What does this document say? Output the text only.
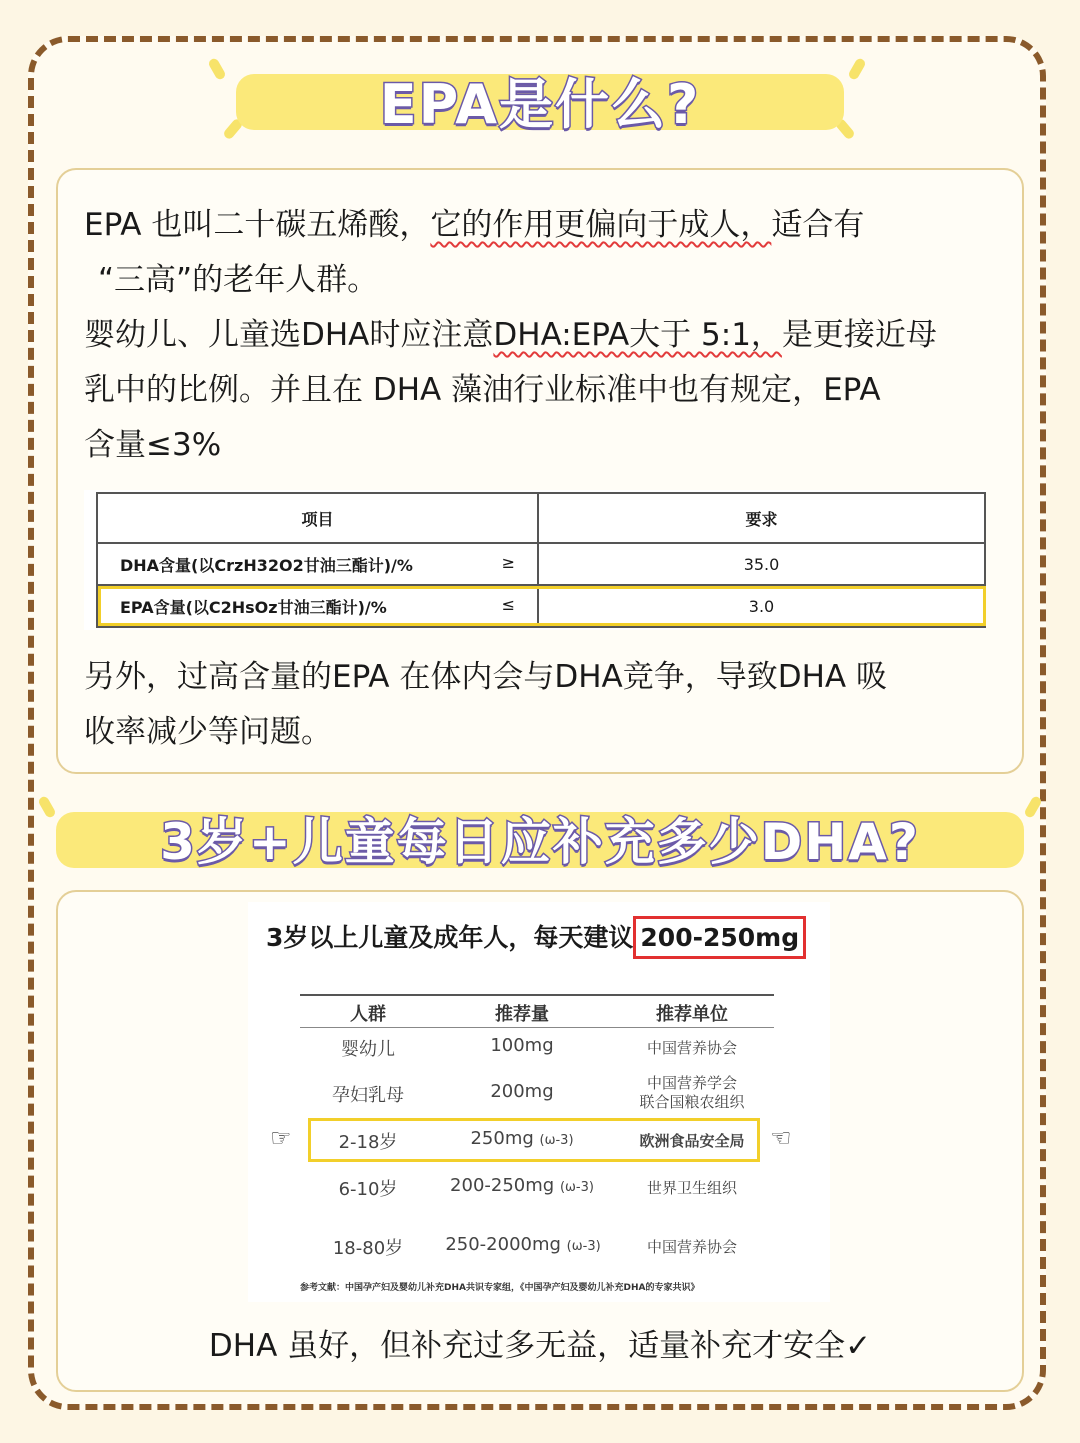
EPA是什么?
EPA 也叫二十碳五烯酸，它的作用更偏向于成人，适合有
“三高”的老年人群。
婴幼儿、儿童选DHA时应注意DHA:EPA大于 5:1，是更接近母
乳中的比例。并且在 DHA 藻油行业标准中也有规定，EPA
含量≤3%
项目	要求
DHA含量(以CrzH32O2甘油三酯计)/% ≥	35.0
EPA含量(以C2HsOz甘油三酯计)/% ≤	3.0
另外，过高含量的EPA 在体内会与DHA竞争，导致DHA 吸
收率减少等问题。
3岁+儿童每日应补充多少DHA?
3岁以上儿童及成年人，每天建议 200-250mg
人群	推荐量	推荐单位
婴幼儿	100mg	中国营养协会
孕妇乳母	200mg	中国营养学会
联合国粮农组织
2-18岁	250mg (ω-3)	欧洲食品安全局
6-10岁	200-250mg (ω-3)	世界卫生组织
18-80岁	250-2000mg (ω-3)	中国营养协会
参考文献：中国孕产妇及婴幼儿补充DHA共识专家组，《中国孕产妇及婴幼儿补充DHA的专家共识》
☞	☜
DHA 虽好，但补充过多无益，适量补充才安全✓
